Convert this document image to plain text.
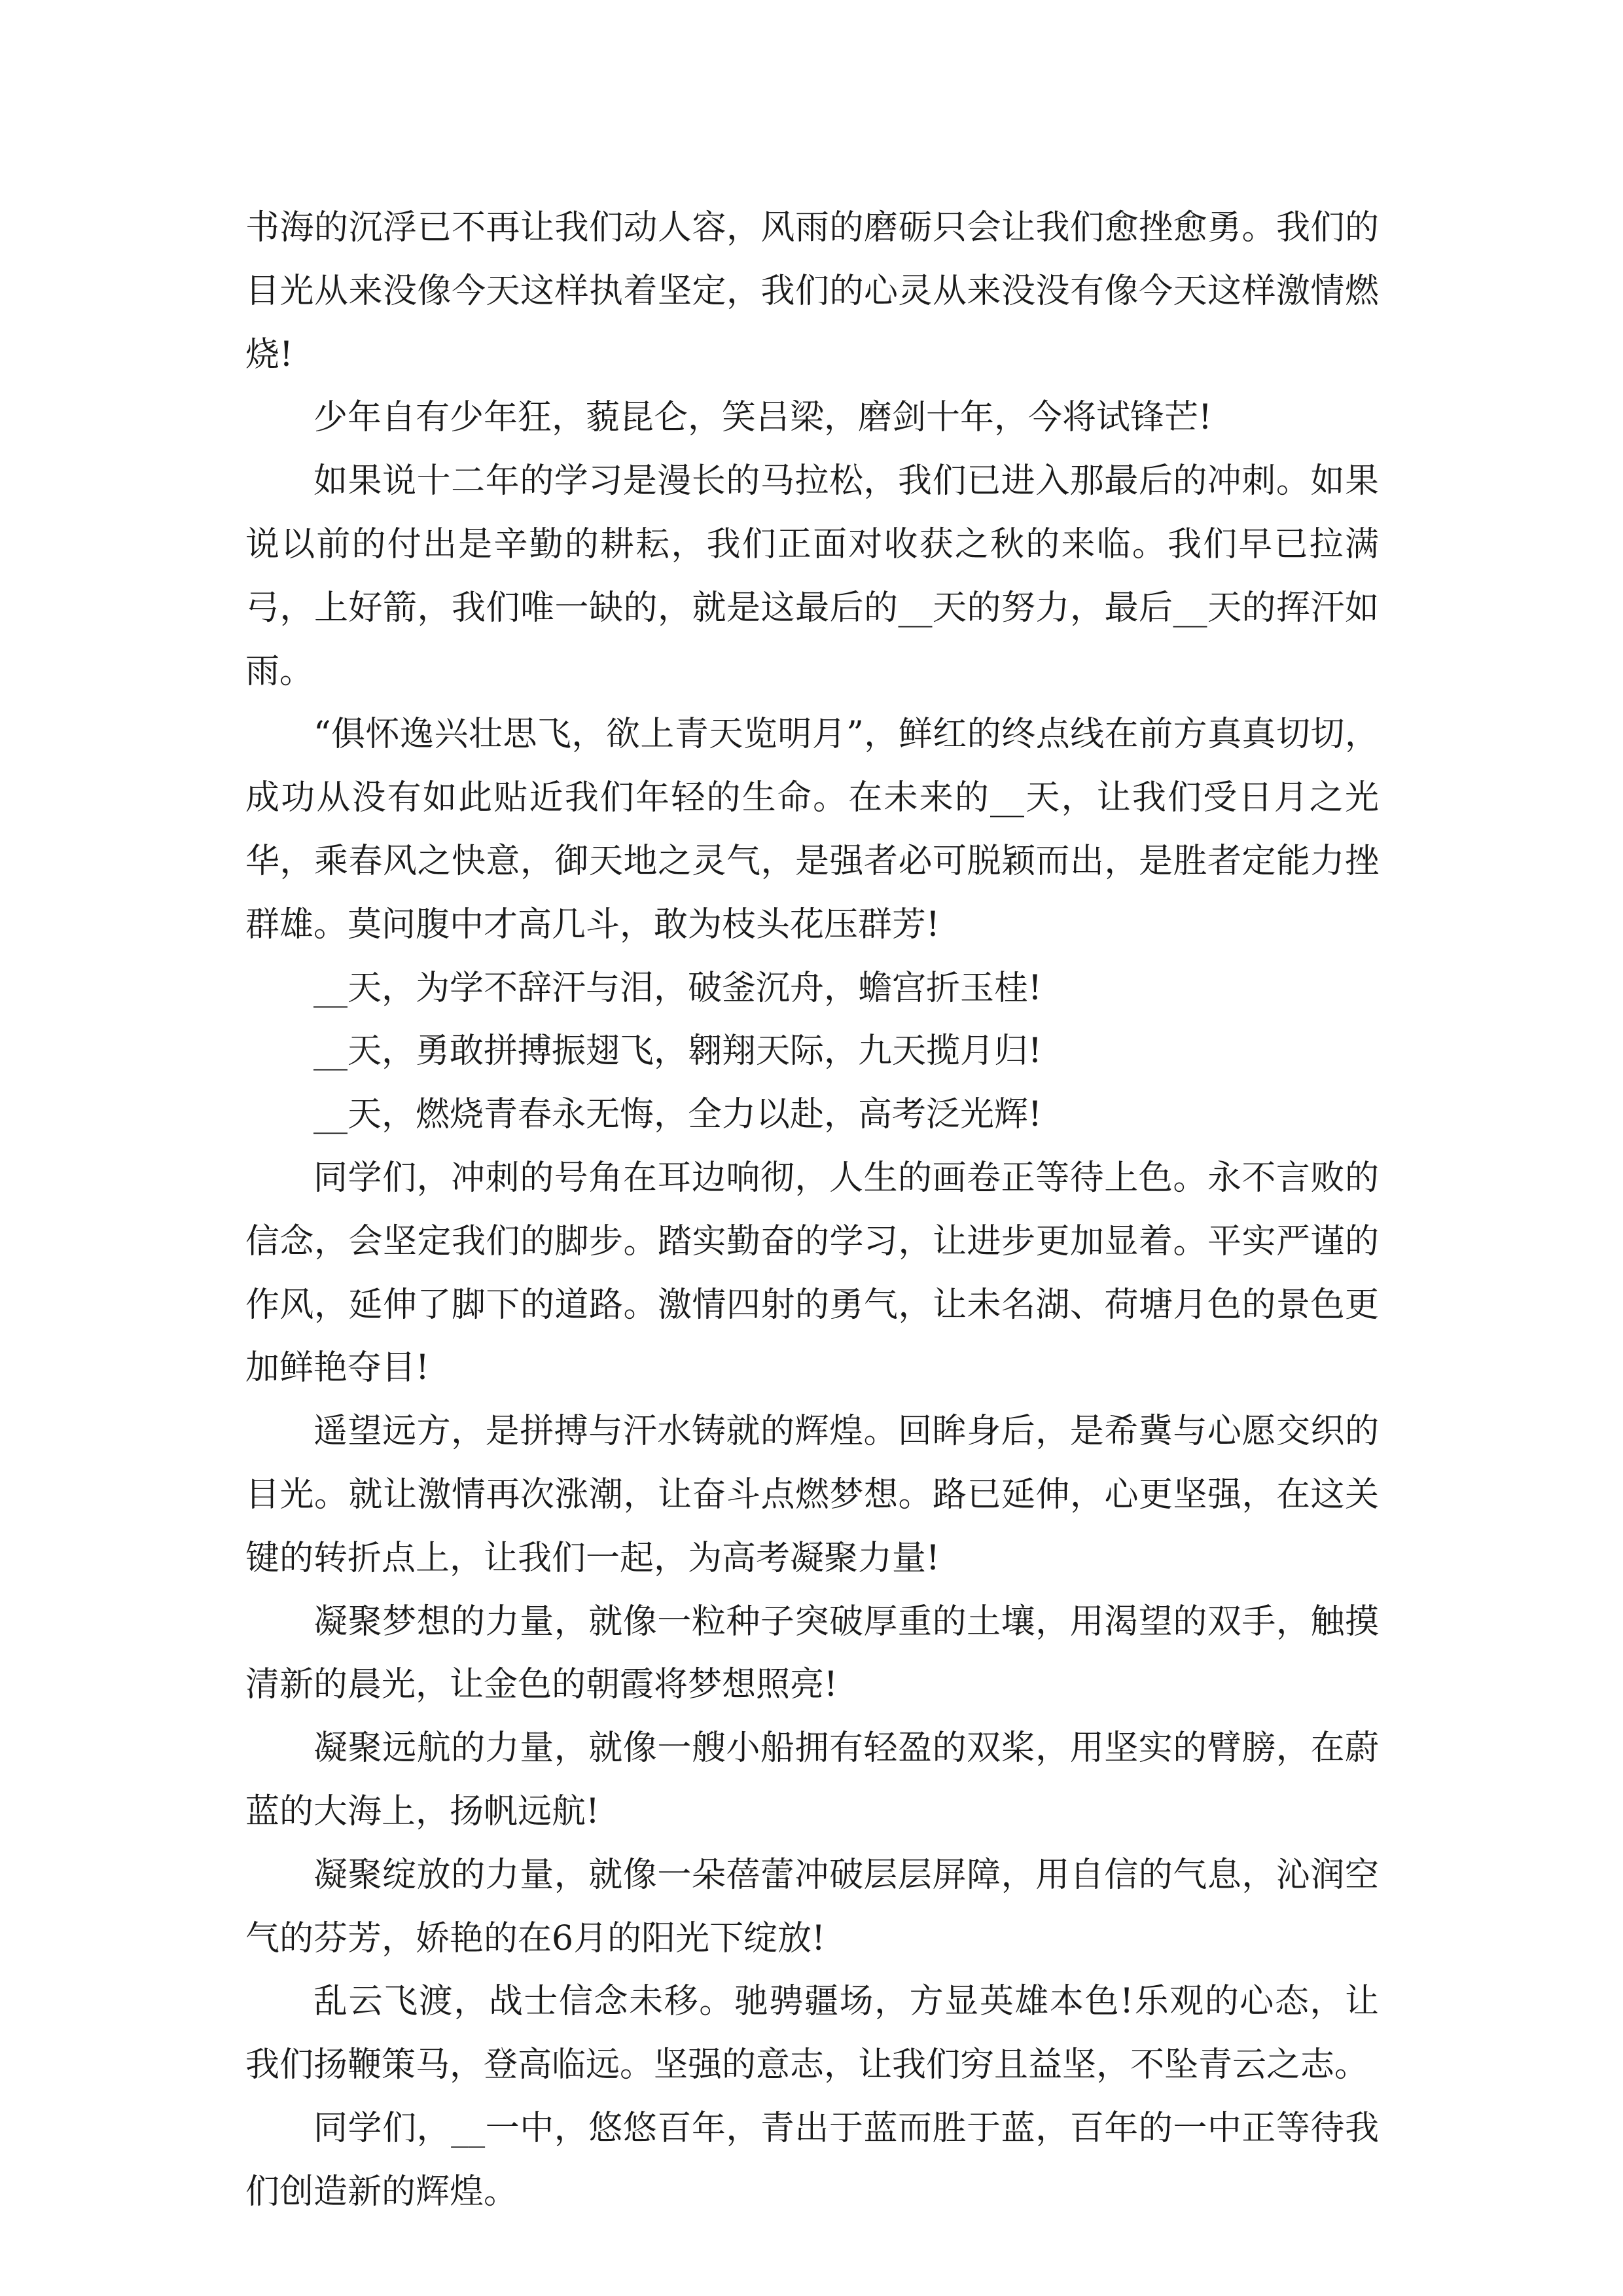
书海的沉浮已不再让我们动人容，风雨的磨砺只会让我们愈挫愈勇。我们的目光从来没像今天这样执着坚定，我们的心灵从来没没有像今天这样激情燃烧!

少年自有少年狂，藐昆仑，笑吕梁，磨剑十年，今将试锋芒!

如果说十二年的学习是漫长的马拉松，我们已进入那最后的冲刺。如果说以前的付出是辛勤的耕耘，我们正面对收获之秋的来临。我们早已拉满弓，上好箭，我们唯一缺的，就是这最后的__天的努力，最后__天的挥汗如雨。

“俱怀逸兴壮思飞，欲上青天览明月”，鲜红的终点线在前方真真切切，成功从没有如此贴近我们年轻的生命。在未来的__天，让我们受日月之光华，乘春风之快意，御天地之灵气，是强者必可脱颖而出，是胜者定能力挫群雄。莫问腹中才高几斗，敢为枝头花压群芳!

__天，为学不辞汗与泪，破釜沉舟，蟾宫折玉桂!

__天，勇敢拼搏振翅飞，翱翔天际，九天揽月归!

__天，燃烧青春永无悔，全力以赴，高考泛光辉!

同学们，冲刺的号角在耳边响彻，人生的画卷正等待上色。永不言败的信念，会坚定我们的脚步。踏实勤奋的学习，让进步更加显着。平实严谨的作风，延伸了脚下的道路。激情四射的勇气，让未名湖、荷塘月色的景色更加鲜艳夺目!

遥望远方，是拼搏与汗水铸就的辉煌。回眸身后，是希冀与心愿交织的目光。就让激情再次涨潮，让奋斗点燃梦想。路已延伸，心更坚强，在这关键的转折点上，让我们一起，为高考凝聚力量!

凝聚梦想的力量，就像一粒种子突破厚重的土壤，用渴望的双手，触摸清新的晨光，让金色的朝霞将梦想照亮!

凝聚远航的力量，就像一艘小船拥有轻盈的双桨，用坚实的臂膀，在蔚蓝的大海上，扬帆远航!

凝聚绽放的力量，就像一朵蓓蕾冲破层层屏障，用自信的气息，沁润空气的芬芳，娇艳的在6月的阳光下绽放!

乱云飞渡，战士信念未移。驰骋疆场，方显英雄本色!乐观的心态，让我们扬鞭策马，登高临远。坚强的意志，让我们穷且益坚，不坠青云之志。

同学们，__一中，悠悠百年，青出于蓝而胜于蓝，百年的一中正等待我们创造新的辉煌。
